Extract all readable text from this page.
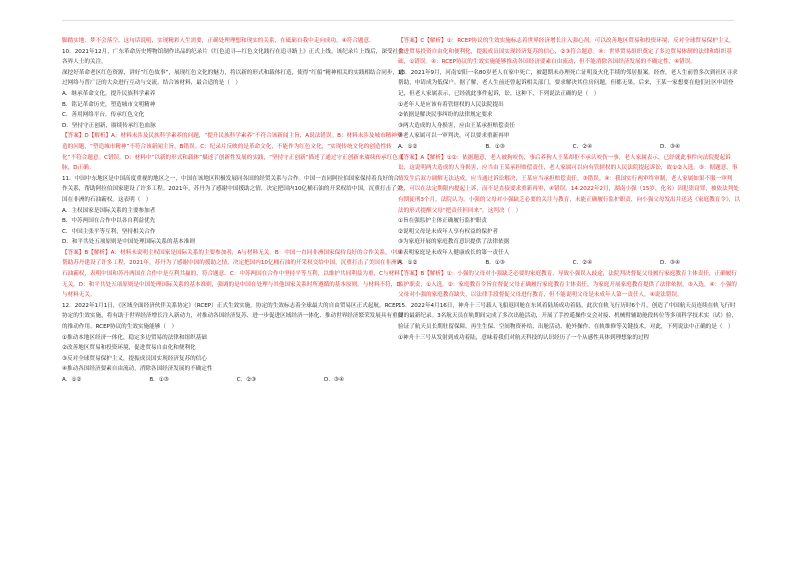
脚踏实地，梦不会落空。这句话说明，实现精彩人生需要，正确处理理想和现实的关系，在砥砺自我中走向成功，④符合题意。
10．2021年12月，广东革命历史博物馆制作出品的纪录片《红色追寻—红色文化践行在追寻路上》正式上线。该纪录片上线后，深受社会各界人士的关注。
深挖好革命老区红色资源，讲好“红色故事”，展现红色文化的魅力，将以新的形式和载体打造，使得“红船”精神相关的实践相结合同步，通过网络与普广泛的大众进行互动与交流。结合该材料，最合适的是（　）
A．继承革命文化，提升民族科学素养
B．铭记革命历史，塑造城市文明精神
C．善用网络平台，传承红色文化
D．坚持守正创新，赓续传承红色血脉
【答案】D【解析】A：材料未涉及民族科学素养的问题，“提升民族科学素养”不符合该新闻主旨，A说法错误。B：材料未涉及城市精神塑造的问题，“塑造城市精神”不符合该新闻主旨，B错误。C：纪录片反映的是革命文化，不能作为红色文化，“实现传统文化的创造性转化”不符合题意。C错误。D：材料中“以新的形式和载体”描述了创新性发展的实践，“坚持守正创新”描述了通过守正创新来赓续传承红色血脉，D正确。
11．中国中东地区是中国高度重视的地区之一，中国在该地区积极发展同各国的经贸关系与合作。中国一直同阿拉伯国家保持着良好的合作关系，帮助阿拉伯国家建设了许多工程。2021年，苏丹为了感谢中国援助之情，决定把国内10亿桶石油的开采权给中国，沉重打击了美国在非洲的石油霸权。这表明（　）
A．主权国家是国际关系的主要参加者
B．中苏两国在合作中以各自利益优先
C．中国主张平等互利，坚持相关合作
D．和平共处五项原则是中国处理国际关系的基本准则
【答案】B【解析】A：材料未说明主权国家是国际关系的主要参加者，A与材料无关。B：中国一直同非洲国家保持良好的合作关系，中国帮助苏丹建设了许多工程，2021年，苏丹为了感谢中国的援助之情，决定把国内10亿桶石油的开采权交给中国，沉重打击了美国在非洲的石油霸权，表明中国和苏丹两国在合作中是互利共赢的，符合题意。C：中苏两国在合作中坚持平等互利，以维护共同利益为重，C与材料无关。D：和平共处五项原则是中国处理国际关系的基本准则，强调的是中国在处理与其他国家关系时所遵循的基本原则，与材料不符，D与材料无关。
12．2022年1月1日，《区域全面经济伙伴关系协定》（RCEP）正式生效实施。协定的生效标志着全球最大的自由贸易区正式起航。RCEP协定的生效实施，将有助于世界经济增长注入新动力，对推动各国经济复苏、进一步促进区域经济一体化、推动世界经济繁荣发展具有重要的推动作用。RCEP协议的生效实施能够（　）
①推动本地区经济一体化，稳定多边贸易的法律和组织基础
②改善地区贸易和投资环境，促进贸易自由化和便利化
③反对全球贸易保护主义，提振成员国实现经济复苏的信心
④推动各国经济要素自由流动，消除各国经济发展的不确定性
A．①②	B．①③	C．②③	D．③④
【答案】C【解析】①：RCEP协议的生效实施标志着世界经济增长注入强心剂，可以改善地区贸易和投资环境，反对全球贸易保护主义，推进贸易投资自由化和便利化，提振成员国实现经济复苏的信心，②③符合题意。④：世界贸易组织奠定了多边贸易体制的法律和组织基础，①错误。④：RCEP协议的生效实施能够推动各国经济要素自由流动，但不能消除各国经济发展的不确定性，④错误。
13．2021年9月，河南安阳一名80岁老人在家中死亡，被超期未办理死亡证明及火化手续的邻居报案。经查，老人生前曾多次到社区寻求帮助，申请成为低保户。据了解，老人生前还曾起诉相关部门，要求解决其住房问题，但都无果。后来，王某一家想要在他们社区申请登记，但老人家属表示，已经就此事件起诉，讼。这种下，下列说法正确的是（　）
①老年人是应该有着管辖权的人民法院提出
②依据是解决民事纠纷的法律规定要求
③两大造成的人身损害，应由王某承担赔偿责任
④老人家属可以一审判决，可以要求重新再审
A．①②	B．①③	C．②④	D．③④
【答案】A【解析】①②：依据题意，老人被狗咬伤，事后养狗人王某却拒不承认咬伤一事，老人家属表示，已经就此事件向法院提起诉讼，这说明两大造成的人身损害，应当由王某承担赔偿责任，老人家属可以向有管辖权的人民法院提起诉讼，故①②入选。③：据题意，事情发生后双方调解无法达成，应当通过诉讼解决，王某应当承担赔偿责任，③错误。④：我国实行两审终审制，老人家属如果不服一审判决，可以在法定期限内提起上诉，而不是直接要求重新再审，④错误。14.2022年2月，湖南小强（15岁，化名）因犯盗窃罪，被依法判处有期徒刑3个月。法院认为，小强的父母对小强缺乏必要的关注与教育，未能正确履行监护职责，向小强父母发出并送达《家庭教育令》，以法的形式提醒父母“把责任担回来”。这判决（　）
①旨在强监护主体正确履行监护职责
②说明父母是未成年人享有权益的保护者
③为家庭开展的家庭教育意识提供了法律依据
④表明家庭是未成年人健康成长的第一责任人
A．①②	B．①③	C．②④	D．③④
【答案】B【解析】①：小强的父母对小强缺乏必要的家庭教育，导致小强误入歧途，法院判决督促父母履行家庭教育主体责任，正确履行监护职责，①入选。②：家庭教育令旨在督促父母正确履行家庭教育主体责任，为家庭开展家庭教育提供了法律依据，③入选。④：小强的父母对小强的家庭教育缺失，以法律手段督促父母进行教育，但不能说明父母是未成年人第一责任人，④说法错误。
15．2022年4月16日，神舟十三号载人飞船返回舱在东风着陆场成功着陆。此次在轨飞行历时6个月，创造了中国航天员连续在轨飞行时间的最新纪录。3名航天员在轨期间完成了多次出舱活动，开展了手控遥操作交会对接、机械臂辅助舱段转位等多项科学技术实（试）验，验证了航天员长期驻留保障、再生生保、空间物资补给、出舱活动、舱外操作、在轨维修等关键技术。对此，下列说法中正确的是（　）
①神舟十三号从发射到成功着陆，意味着我们对航天科技的认识经历了一个从感性具体到理想象的过程
